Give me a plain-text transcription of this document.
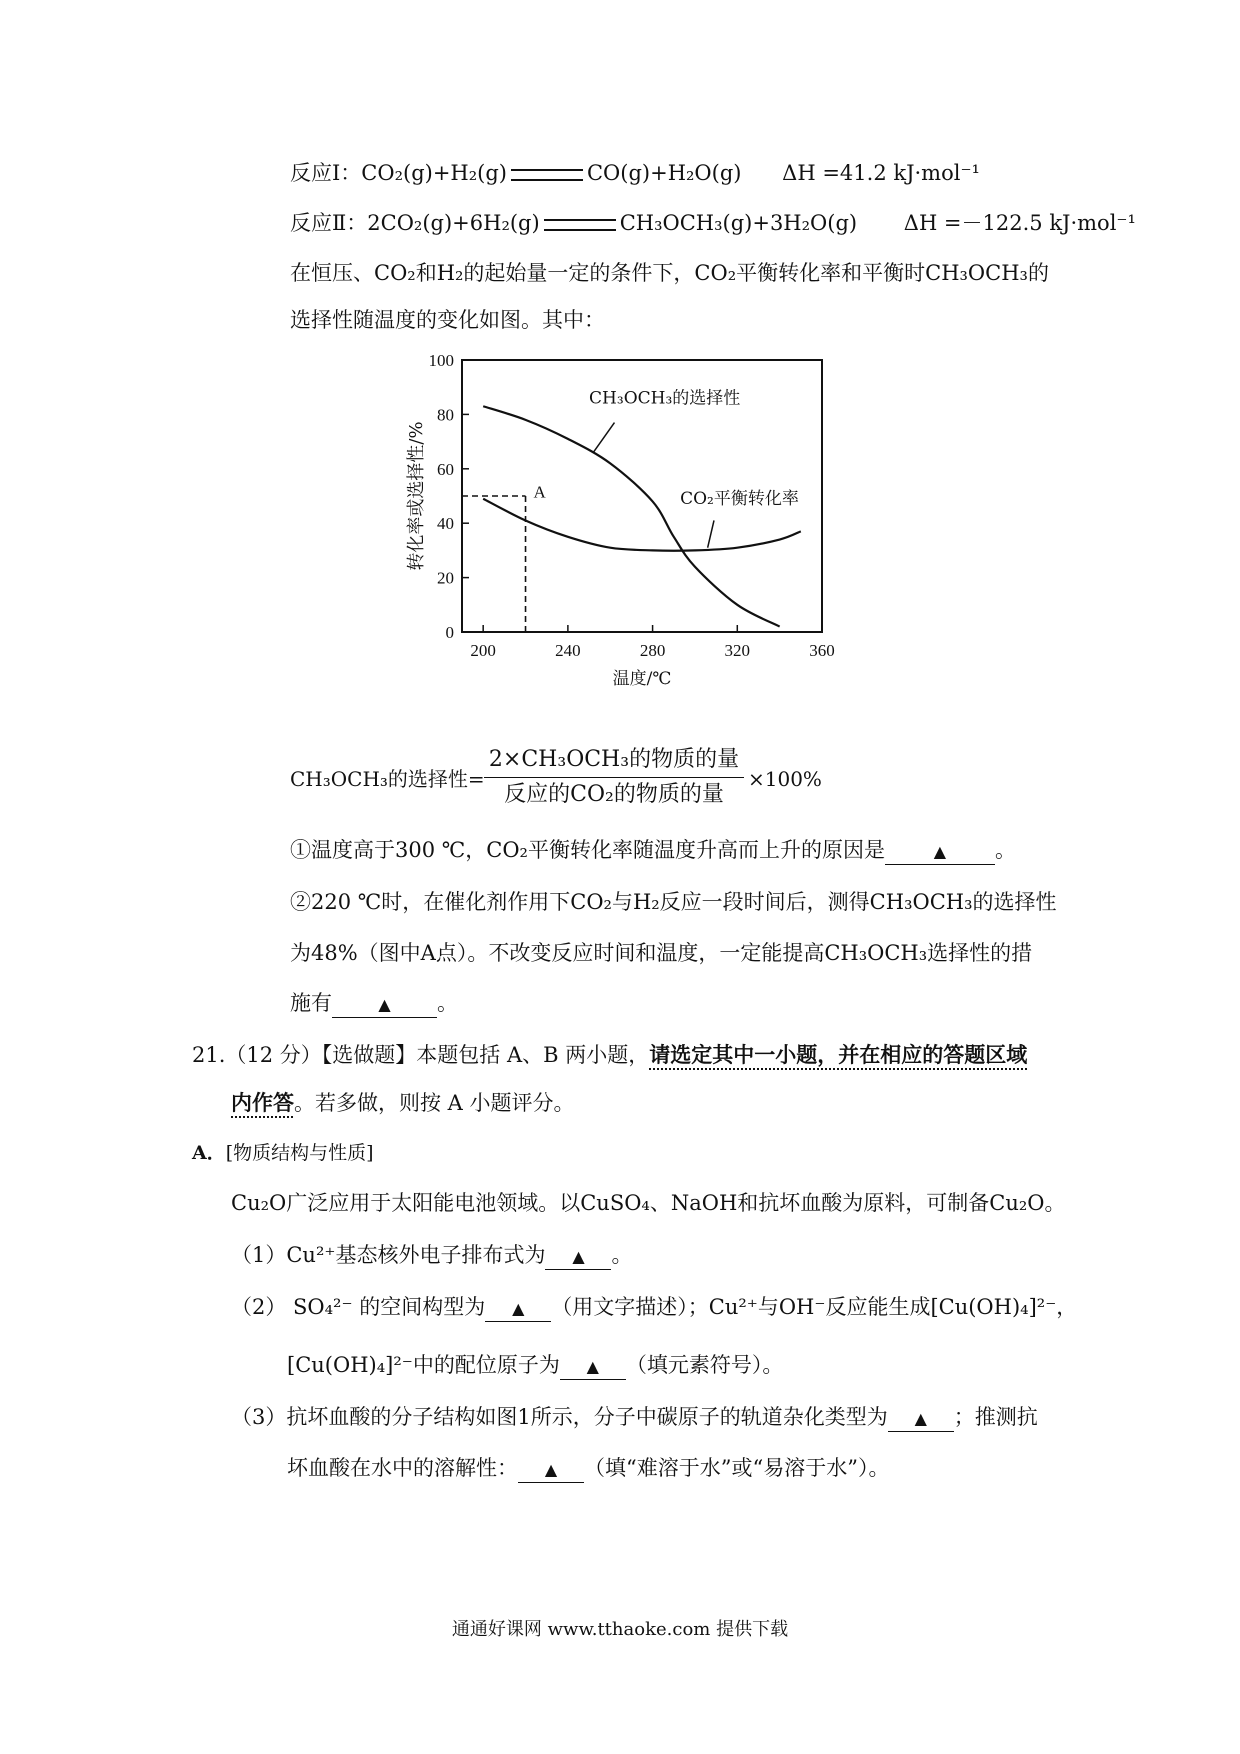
反应Ⅰ：CO₂(g)+H₂(g)	CO(g)+H₂O(g) ΔH =41.2 kJ·mol⁻¹
反应Ⅱ：2CO₂(g)+6H₂(g)	CH₃OCH₃(g)+3H₂O(g) ΔH =－122.5 kJ·mol⁻¹
在恒压、CO₂和H₂的起始量一定的条件下，CO₂平衡转化率和平衡时CH₃OCH₃的
选择性随温度的变化如图。其中：
0
20
40
60
80
100
200	240	280	320	360
温度/℃
转化率或选择性/%
CH₃OCH₃的选择性
CO₂平衡转化率
A
CH₃OCH₃的选择性=
2×CH₃OCH₃的物质的量
反应的CO₂的物质的量
×100%
①温度高于300 ℃，CO₂平衡转化率随温度升高而上升的原因是	▲ 。
②220 ℃时，在催化剂作用下CO₂与H₂反应一段时间后，测得CH₃OCH₃的选择性
为48%（图中A点）。不改变反应时间和温度，一定能提高CH₃OCH₃选择性的措
施有	▲ 。
21.（12 分）【选做题】本题包括 A、B 两小题，请选定其中一小题，并在相应的答题区域
内作答。若多做，则按 A 小题评分。
A．[物质结构与性质]
Cu₂O广泛应用于太阳能电池领域。以CuSO₄、NaOH和抗坏血酸为原料，可制备Cu₂O。
（1）Cu²⁺基态核外电子排布式为 ▲ 。
（2） SO₄²⁻ 的空间构型为 ▲ （用文字描述）；Cu²⁺与OH⁻反应能生成[Cu(OH)₄]²⁻，
[Cu(OH)₄]²⁻中的配位原子为 ▲ （填元素符号）。
（3）抗坏血酸的分子结构如图1所示，分子中碳原子的轨道杂化类型为 ▲ ；推测抗
坏血酸在水中的溶解性： ▲ （填“难溶于水”或“易溶于水”）。
通通好课网 www.tthaoke.com 提供下载
